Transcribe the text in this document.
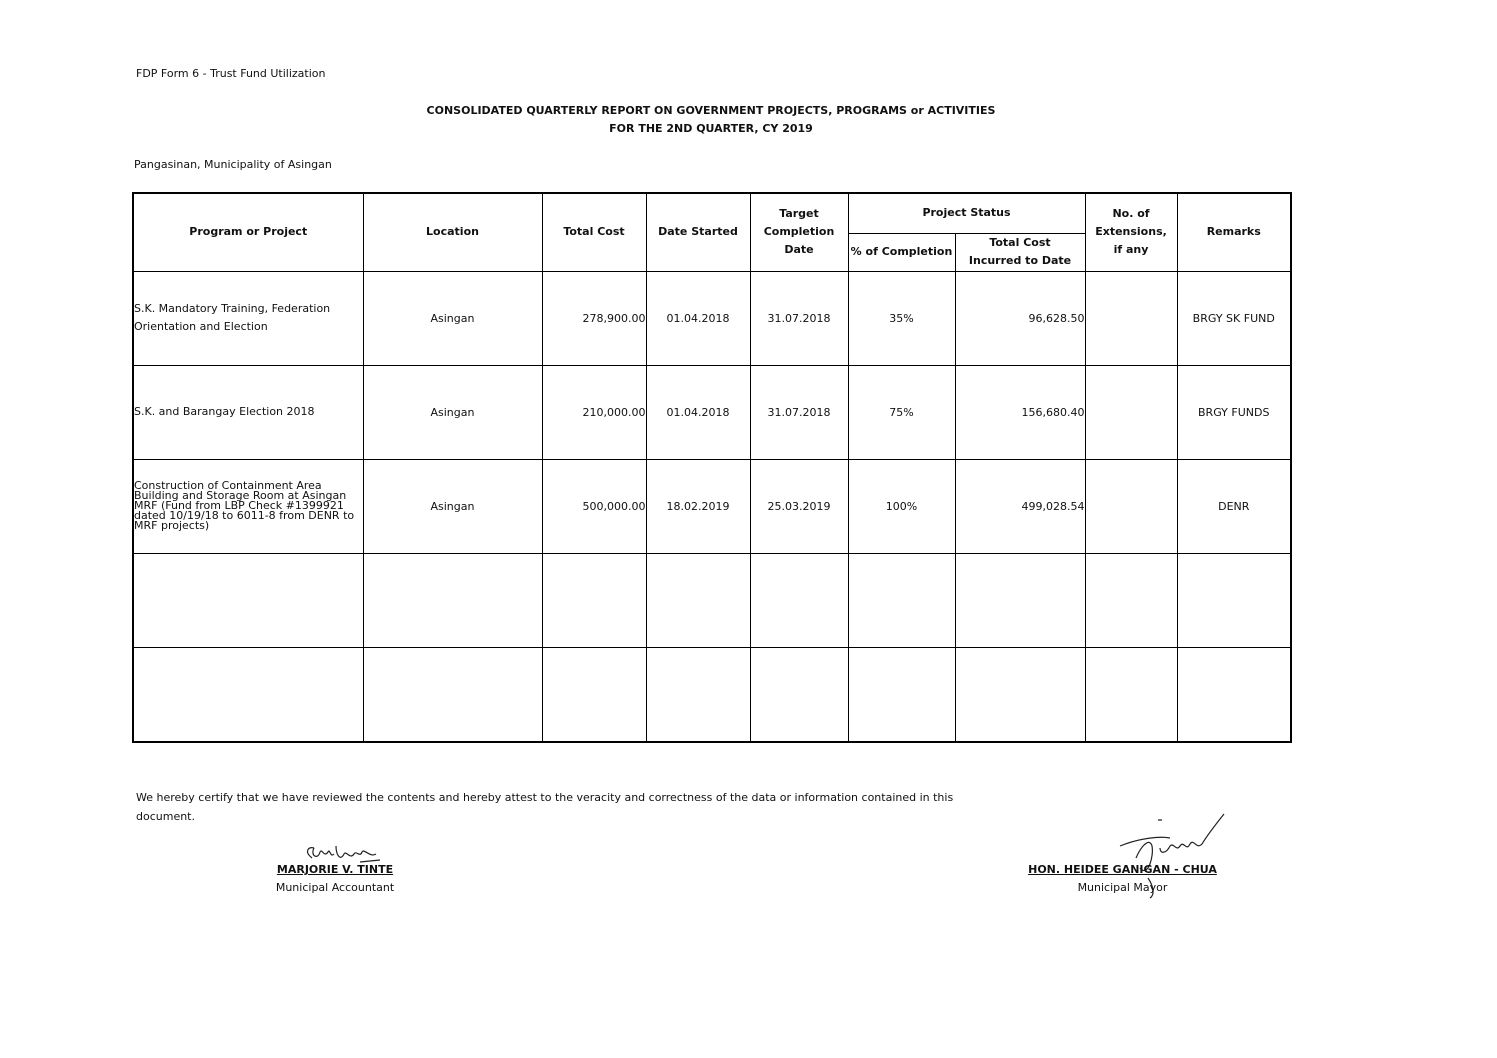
FDP Form 6 - Trust Fund Utilization
CONSOLIDATED QUARTERLY REPORT ON GOVERNMENT PROJECTS, PROGRAMS or ACTIVITIES
FOR THE 2ND QUARTER, CY 2019
Pangasinan, Municipality of Asingan
Program or Project	Location	Total Cost	Date Started	Target Completion Date	Project Status		No. of Extensions, if any	Remarks
					% of Completion	Total Cost Incurred to Date		
S.K. Mandatory Training, Federation Orientation and Election	Asingan	278,900.00	01.04.2018	31.07.2018	35%	96,628.50		BRGY SK FUND
S.K. and Barangay Election 2018	Asingan	210,000.00	01.04.2018	31.07.2018	75%	156,680.40		BRGY FUNDS
Construction of Containment Area Building and Storage Room at Asingan MRF (Fund from LBP Check #1399921 dated 10/19/18 to 6011-8 from DENR to MRF projects)	Asingan	500,000.00	18.02.2019	25.03.2019	100%	499,028.54		DENR

We hereby certify that we have reviewed the contents and hereby attest to the veracity and correctness of the data or information contained in this document.
MARJORIE V. TINTE
Municipal Accountant
HON. HEIDEE GANIGAN - CHUA
Municipal Mayor
